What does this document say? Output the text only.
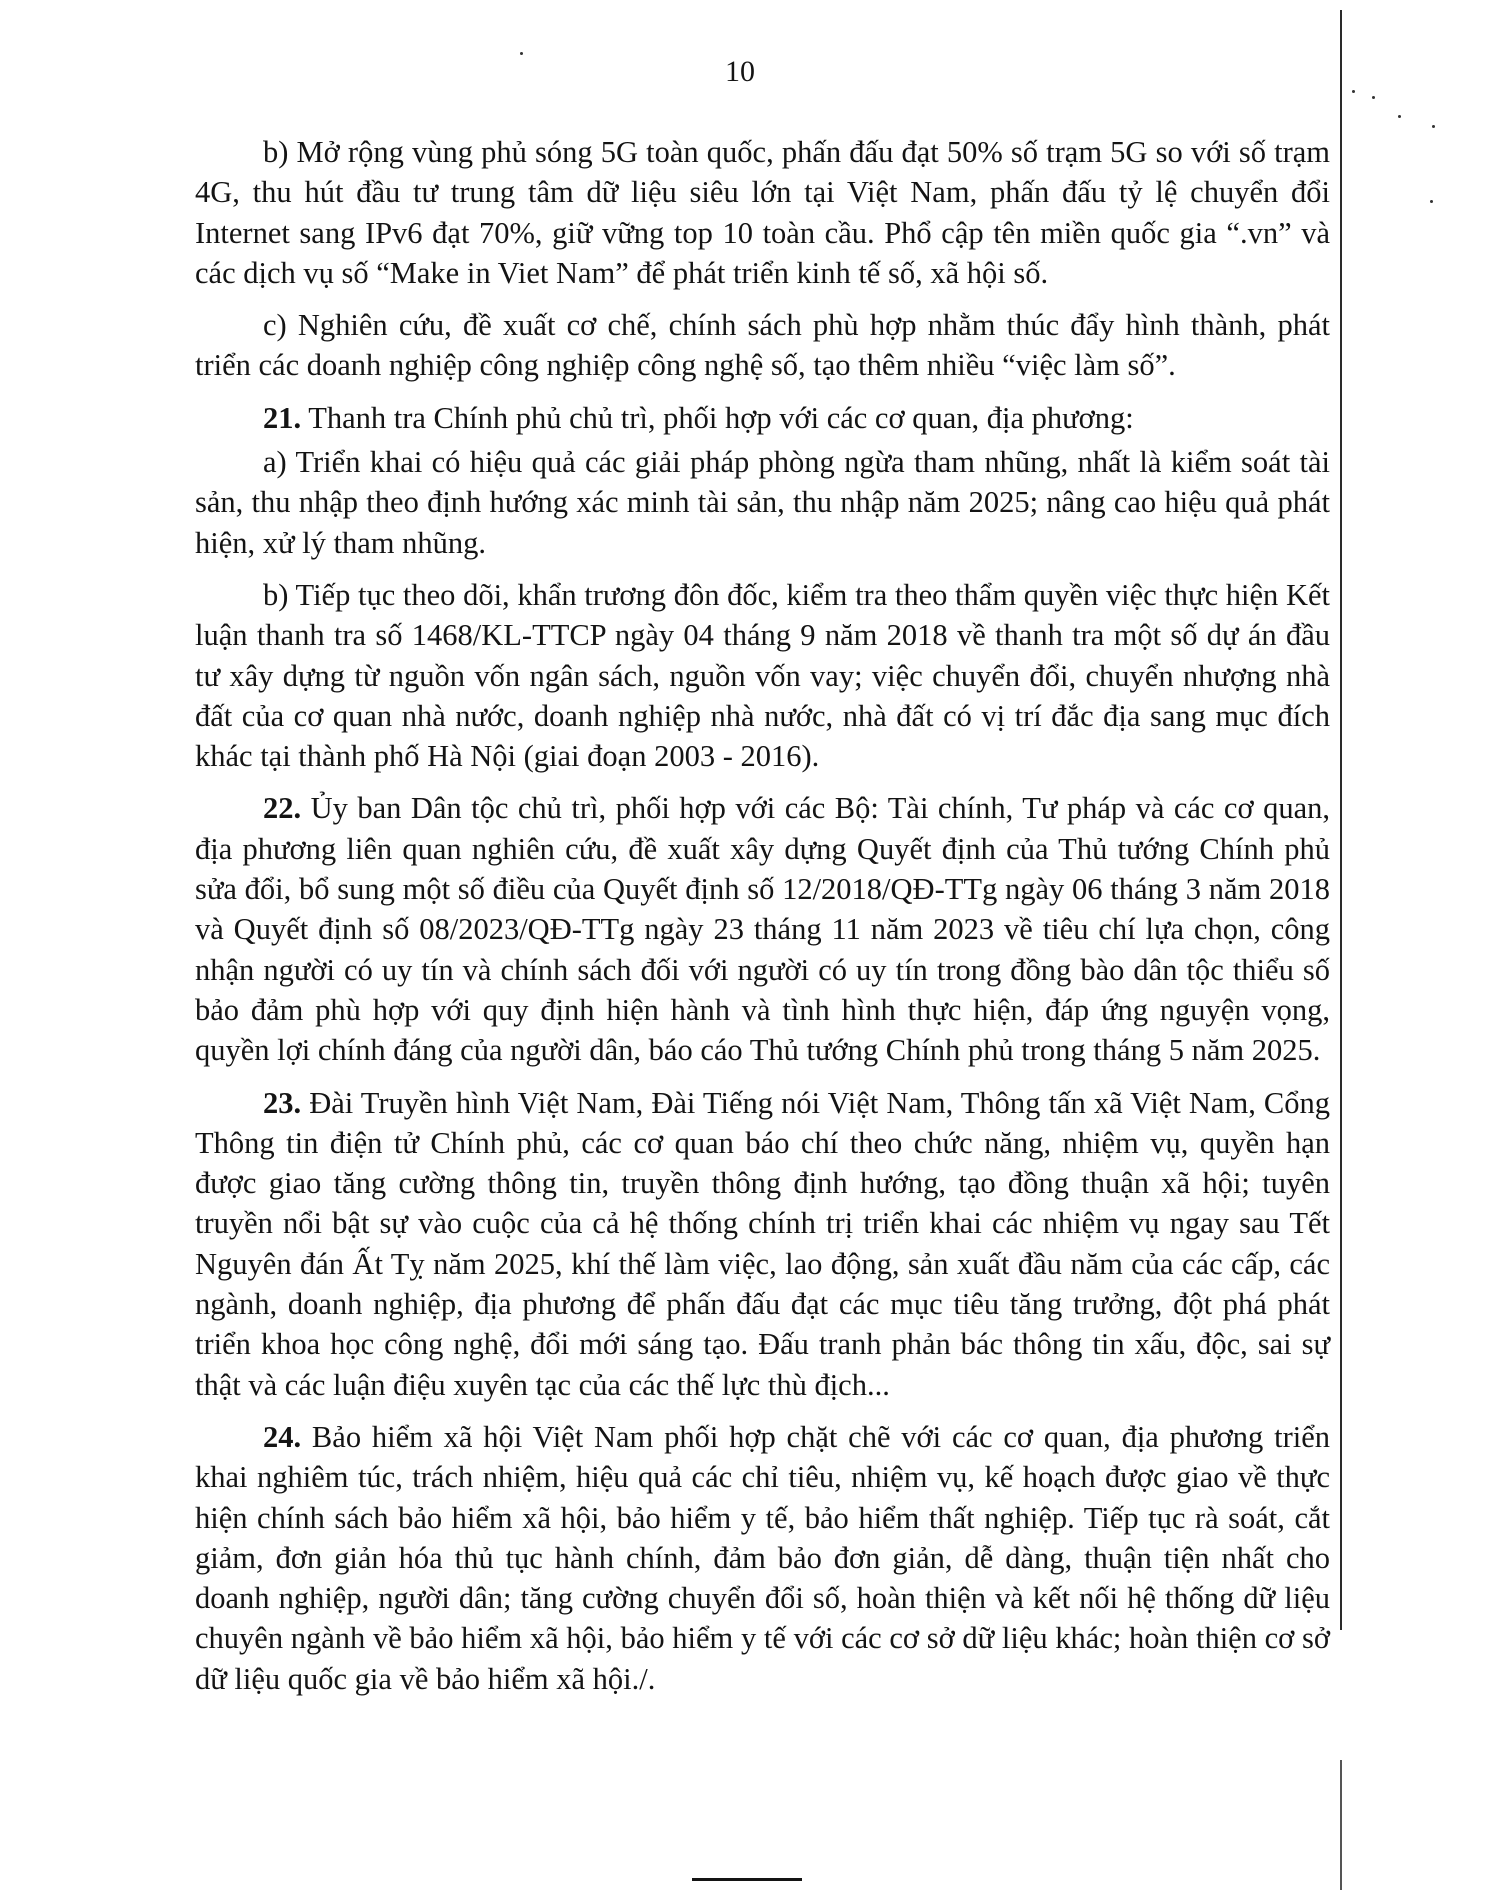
10

b) Mở rộng vùng phủ sóng 5G toàn quốc, phấn đấu đạt 50% số trạm 5G so với số trạm 4G, thu hút đầu tư trung tâm dữ liệu siêu lớn tại Việt Nam, phấn đấu tỷ lệ chuyển đổi Internet sang IPv6 đạt 70%, giữ vững top 10 toàn cầu. Phổ cập tên miền quốc gia “.vn” và các dịch vụ số “Make in Viet Nam” để phát triển kinh tế số, xã hội số.

c) Nghiên cứu, đề xuất cơ chế, chính sách phù hợp nhằm thúc đẩy hình thành, phát triển các doanh nghiệp công nghiệp công nghệ số, tạo thêm nhiều “việc làm số”.

21. Thanh tra Chính phủ chủ trì, phối hợp với các cơ quan, địa phương:

a) Triển khai có hiệu quả các giải pháp phòng ngừa tham nhũng, nhất là kiểm soát tài sản, thu nhập theo định hướng xác minh tài sản, thu nhập năm 2025; nâng cao hiệu quả phát hiện, xử lý tham nhũng.

b) Tiếp tục theo dõi, khẩn trương đôn đốc, kiểm tra theo thẩm quyền việc thực hiện Kết luận thanh tra số 1468/KL-TTCP ngày 04 tháng 9 năm 2018 về thanh tra một số dự án đầu tư xây dựng từ nguồn vốn ngân sách, nguồn vốn vay; việc chuyển đổi, chuyển nhượng nhà đất của cơ quan nhà nước, doanh nghiệp nhà nước, nhà đất có vị trí đắc địa sang mục đích khác tại thành phố Hà Nội (giai đoạn 2003 - 2016).

22. Ủy ban Dân tộc chủ trì, phối hợp với các Bộ: Tài chính, Tư pháp và các cơ quan, địa phương liên quan nghiên cứu, đề xuất xây dựng Quyết định của Thủ tướng Chính phủ sửa đổi, bổ sung một số điều của Quyết định số 12/2018/QĐ-TTg ngày 06 tháng 3 năm 2018 và Quyết định số 08/2023/QĐ-TTg ngày 23 tháng 11 năm 2023 về tiêu chí lựa chọn, công nhận người có uy tín và chính sách đối với người có uy tín trong đồng bào dân tộc thiểu số bảo đảm phù hợp với quy định hiện hành và tình hình thực hiện, đáp ứng nguyện vọng, quyền lợi chính đáng của người dân, báo cáo Thủ tướng Chính phủ trong tháng 5 năm 2025.

23. Đài Truyền hình Việt Nam, Đài Tiếng nói Việt Nam, Thông tấn xã Việt Nam, Cổng Thông tin điện tử Chính phủ, các cơ quan báo chí theo chức năng, nhiệm vụ, quyền hạn được giao tăng cường thông tin, truyền thông định hướng, tạo đồng thuận xã hội; tuyên truyền nổi bật sự vào cuộc của cả hệ thống chính trị triển khai các nhiệm vụ ngay sau Tết Nguyên đán Ất Tỵ năm 2025, khí thế làm việc, lao động, sản xuất đầu năm của các cấp, các ngành, doanh nghiệp, địa phương để phấn đấu đạt các mục tiêu tăng trưởng, đột phá phát triển khoa học công nghệ, đổi mới sáng tạo. Đấu tranh phản bác thông tin xấu, độc, sai sự thật và các luận điệu xuyên tạc của các thế lực thù địch...

24. Bảo hiểm xã hội Việt Nam phối hợp chặt chẽ với các cơ quan, địa phương triển khai nghiêm túc, trách nhiệm, hiệu quả các chỉ tiêu, nhiệm vụ, kế hoạch được giao về thực hiện chính sách bảo hiểm xã hội, bảo hiểm y tế, bảo hiểm thất nghiệp. Tiếp tục rà soát, cắt giảm, đơn giản hóa thủ tục hành chính, đảm bảo đơn giản, dễ dàng, thuận tiện nhất cho doanh nghiệp, người dân; tăng cường chuyển đổi số, hoàn thiện và kết nối hệ thống dữ liệu chuyên ngành về bảo hiểm xã hội, bảo hiểm y tế với các cơ sở dữ liệu khác; hoàn thiện cơ sở dữ liệu quốc gia về bảo hiểm xã hội./.
